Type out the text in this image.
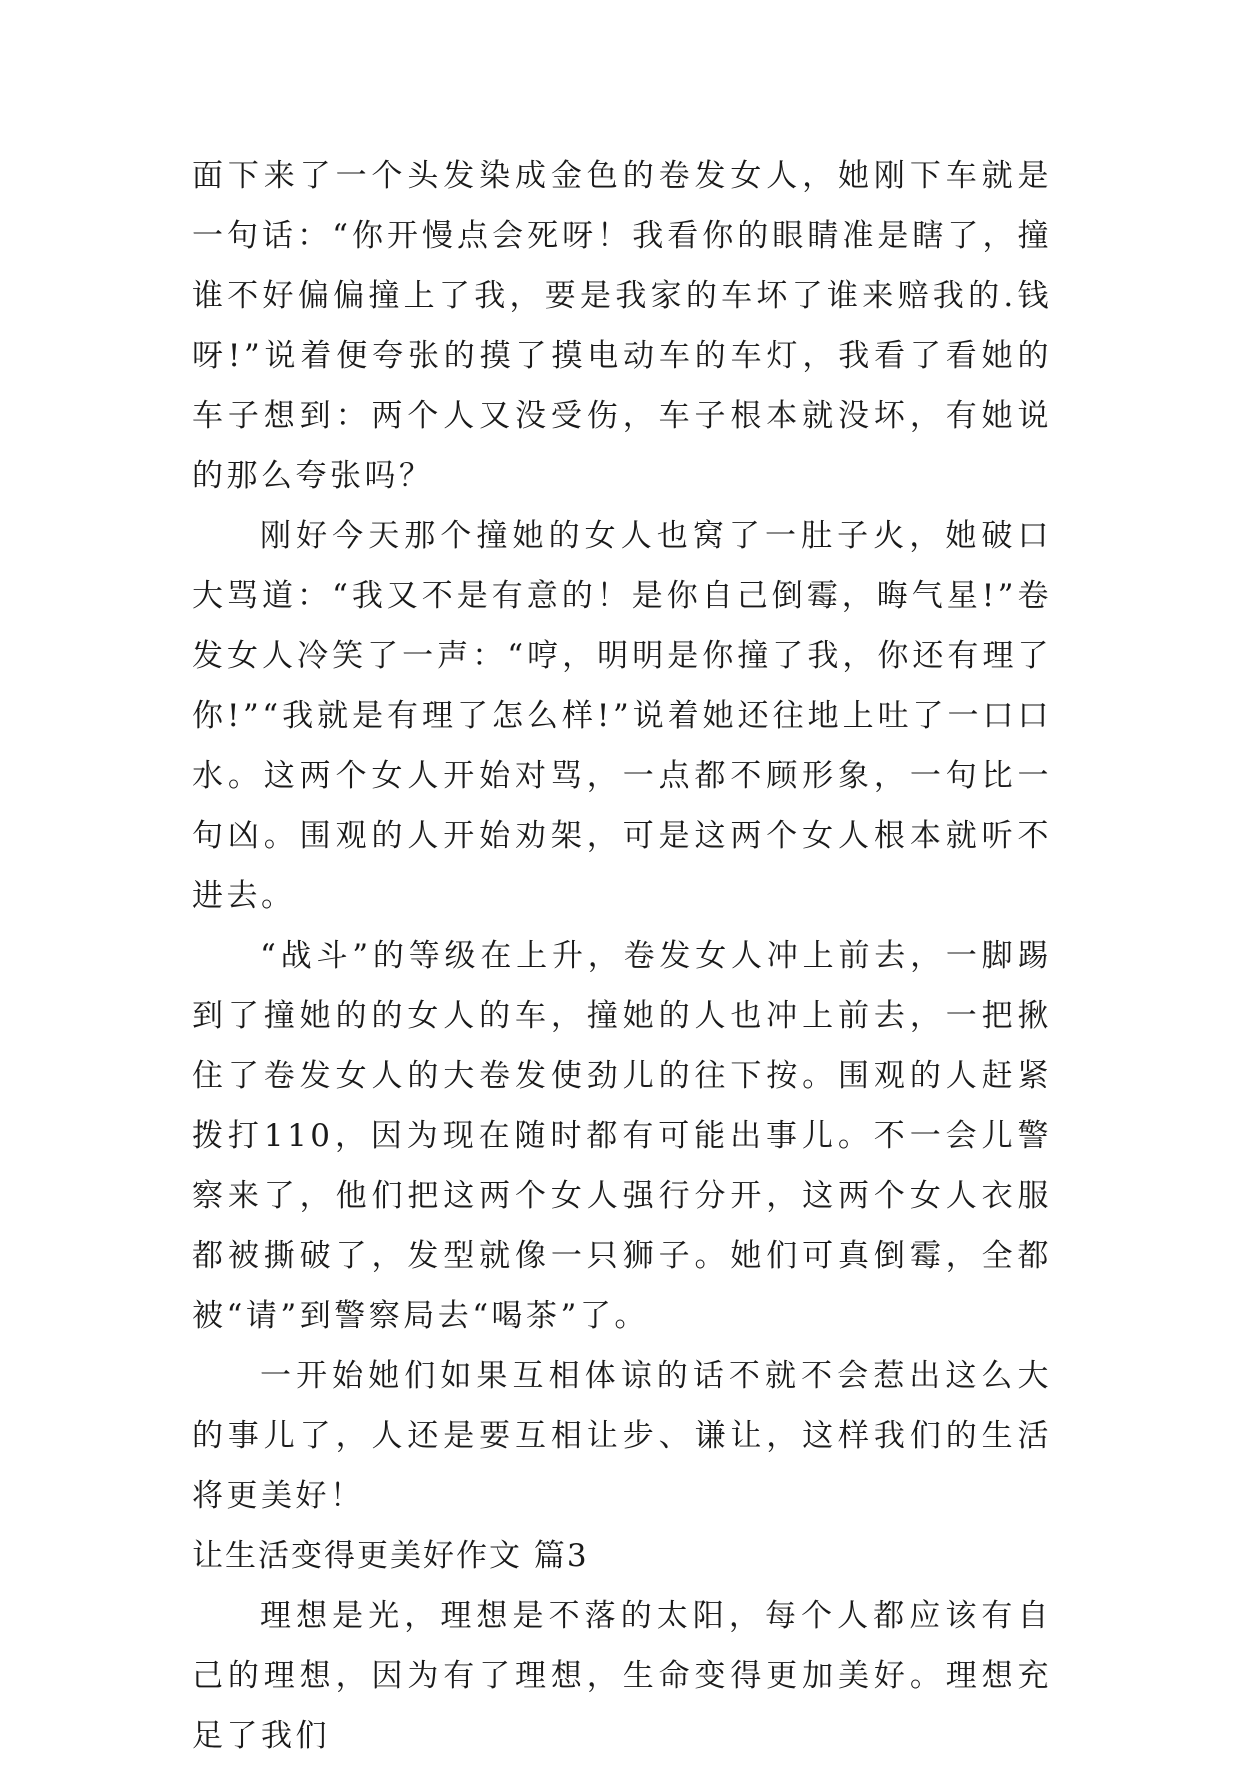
面下来了一个头发染成金色的卷发女人，她刚下车就是一句话：“你开慢点会死呀！我看你的眼睛准是瞎了，撞谁不好偏偏撞上了我，要是我家的车坏了谁来赔我的.钱呀!”说着便夸张的摸了摸电动车的车灯，我看了看她的车子想到：两个人又没受伤，车子根本就没坏，有她说的那么夸张吗？

刚好今天那个撞她的女人也窝了一肚子火，她破口大骂道：“我又不是有意的！是你自己倒霉，晦气星!”卷发女人冷笑了一声：“哼，明明是你撞了我，你还有理了你!”“我就是有理了怎么样!”说着她还往地上吐了一口口水。这两个女人开始对骂，一点都不顾形象，一句比一句凶。围观的人开始劝架，可是这两个女人根本就听不进去。

“战斗”的等级在上升，卷发女人冲上前去，一脚踢到了撞她的的女人的车，撞她的人也冲上前去，一把揪住了卷发女人的大卷发使劲儿的往下按。围观的人赶紧拨打110，因为现在随时都有可能出事儿。不一会儿警察来了，他们把这两个女人强行分开，这两个女人衣服都被撕破了，发型就像一只狮子。她们可真倒霉，全都被“请”到警察局去“喝茶”了。

一开始她们如果互相体谅的话不就不会惹出这么大的事儿了，人还是要互相让步、谦让，这样我们的生活将更美好！

让生活变得更美好作文 篇3

理想是光，理想是不落的太阳，每个人都应该有自己的理想，因为有了理想，生命变得更加美好。理想充足了我们
